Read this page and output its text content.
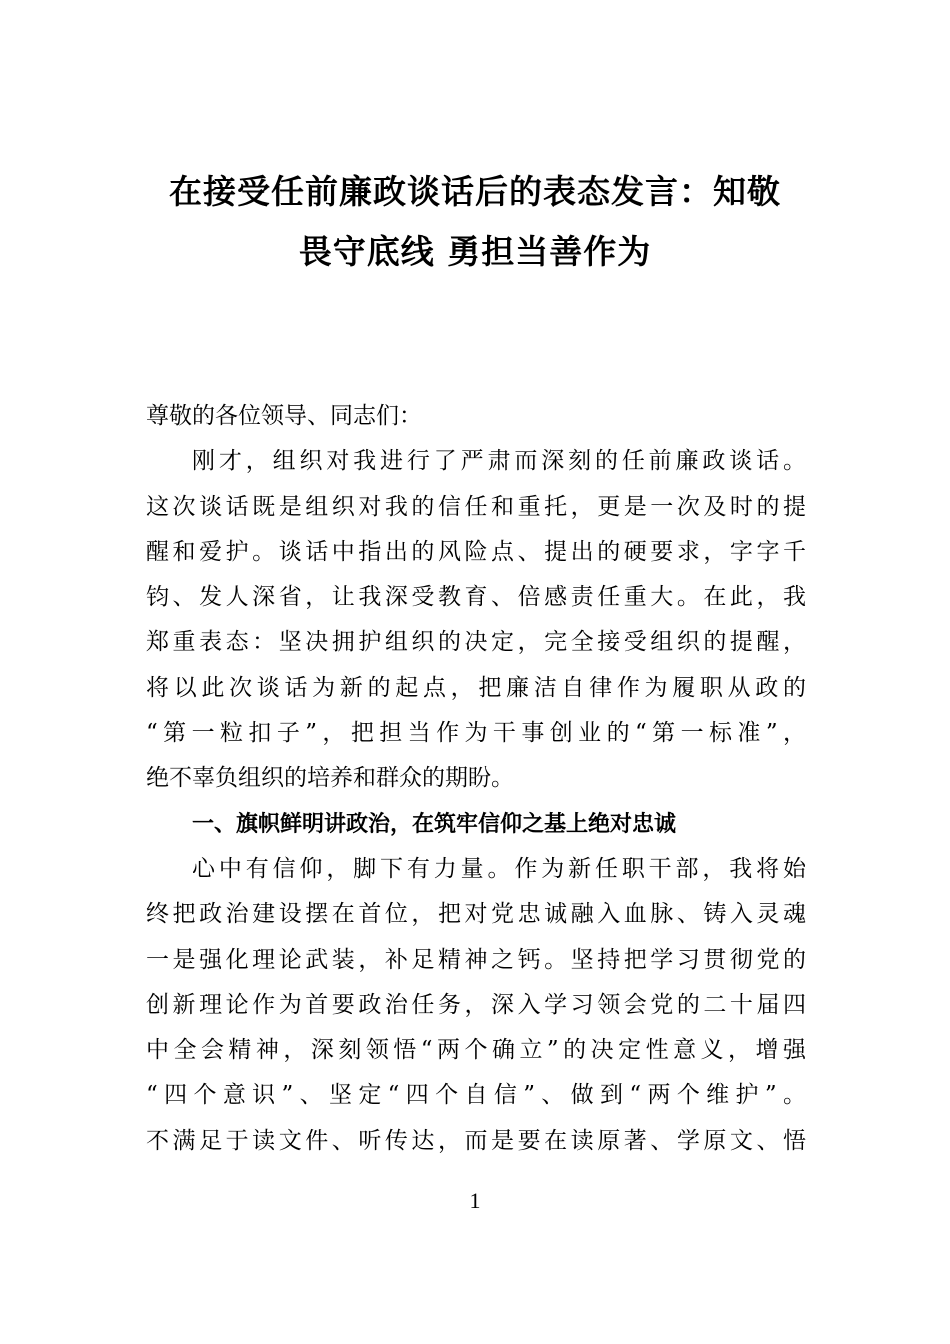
在接受任前廉政谈话后的表态发言：知敬
畏守底线 勇担当善作为
尊敬的各位领导、同志们：
刚才，组织对我进行了严肃而深刻的任前廉政谈话。
这次谈话既是组织对我的信任和重托，更是一次及时的提
醒和爱护。谈话中指出的风险点、提出的硬要求，字字千
钧、发人深省，让我深受教育、倍感责任重大。在此，我
郑重表态：坚决拥护组织的决定，完全接受组织的提醒，
将以此次谈话为新的起点，把廉洁自律作为履职从政的
“第一粒扣子”，把担当作为干事创业的“第一标准”，
绝不辜负组织的培养和群众的期盼。
一、旗帜鲜明讲政治，在筑牢信仰之基上绝对忠诚
心中有信仰，脚下有力量。作为新任职干部，我将始
终把政治建设摆在首位，把对党忠诚融入血脉、铸入灵魂
一是强化理论武装，补足精神之钙。坚持把学习贯彻党的
创新理论作为首要政治任务，深入学习领会党的二十届四
中全会精神，深刻领悟“两个确立”的决定性意义，增强
“四个意识”、坚定“四个自信”、做到“两个维护”。
不满足于读文件、听传达，而是要在读原著、学原文、悟
1
